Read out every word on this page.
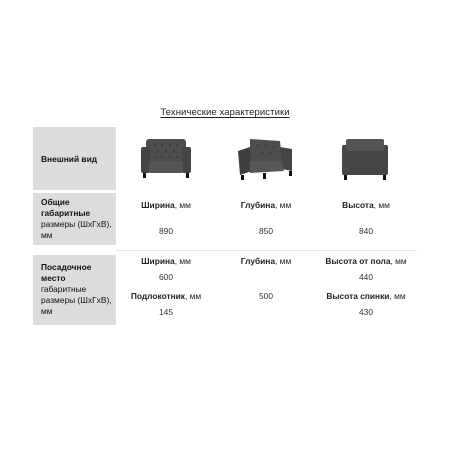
Технические характеристики
Внешний вид
Общие габаритные
размеры (ШхГхВ), мм
Ширина, мм
890
Глубина, мм
850
Высота, мм
840
Посадочное место
габаритные размеры (ШхГхВ), мм
Ширина, мм
600
Глубина, мм
500
Высота от пола, мм
440
Подлокотник, мм
145
Высота спинки, мм
430
